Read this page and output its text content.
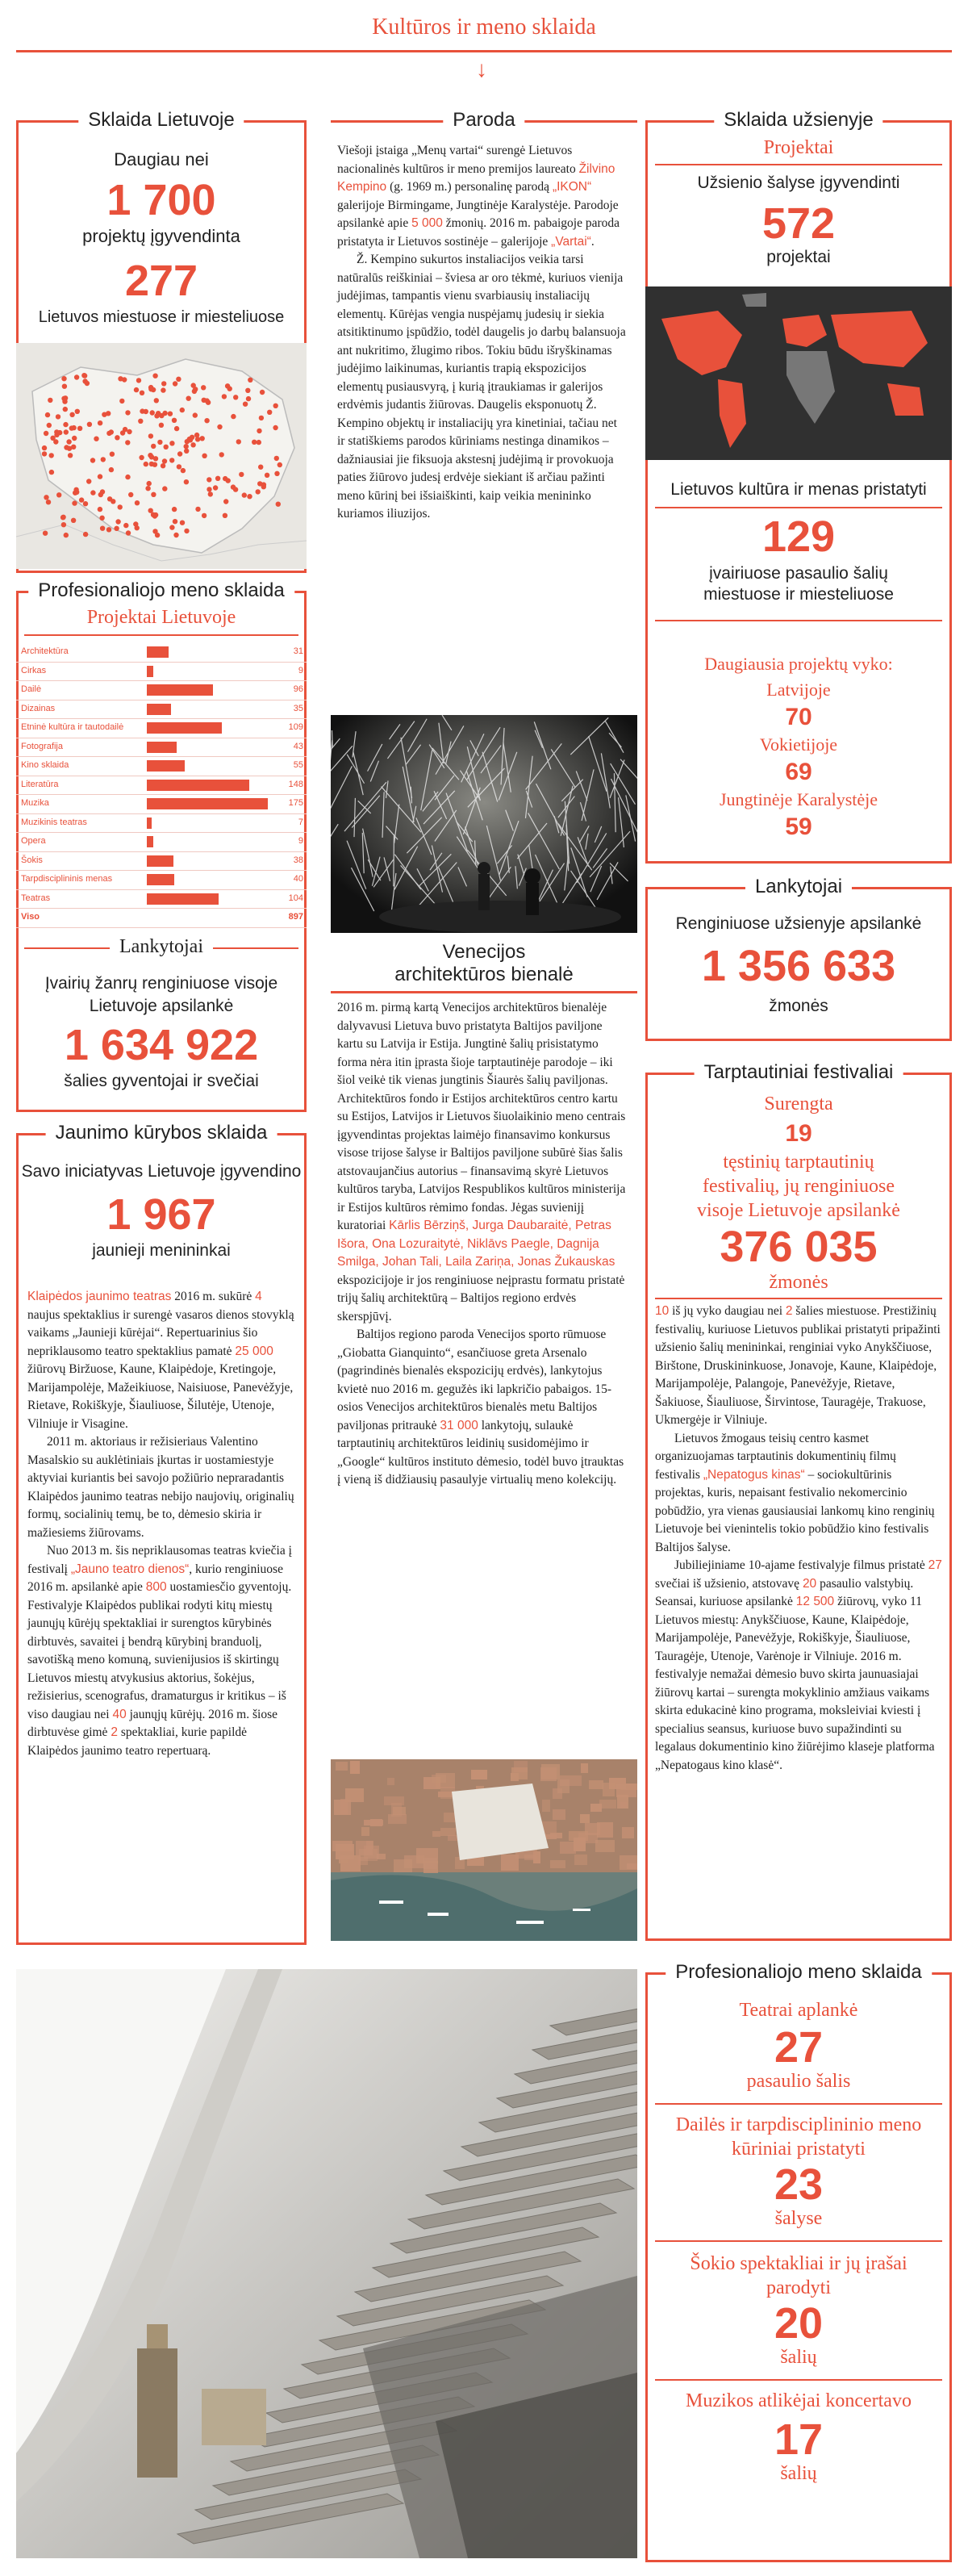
Kultūros ir meno sklaida
↓
Sklaida Lietuvoje
Daugiau nei
1 700
projektų įgyvendinta
277
Lietuvos miestuose ir miesteliuose
Profesionaliojo meno sklaida
Projektai Lietuvoje
Architektūra	31
Cirkas	9
Dailė	96
Dizainas	35
Etninė kultūra ir tautodailė	109
Fotografija	43
Kino sklaida	55
Literatūra	148
Muzika	175
Muzikinis teatras	7
Opera	9
Šokis	38
Tarpdisciplininis menas	40
Teatras	104
Viso	897
Lankytojai
Įvairių žanrų renginiuose visoje Lietuvoje apsilankė
1 634 922
šalies gyventojai ir svečiai
Jaunimo kūrybos sklaida
Savo iniciatyvas Lietuvoje įgyvendino
1 967
jaunieji menininkai

Klaipėdos jaunimo teatras 2016 m. sukūrė 4 naujus spektaklius ir surengė vasaros dienos stovyklą vaikams „Jaunieji kūrėjai“. Repertuarinius šio nepriklausomo teatro spektaklius pamatė 25 000 žiūrovų Biržuose, Kaune, Klaipėdoje, Kretingoje, Marijampolėje, Mažeikiuose, Naisiuose, Panevėžyje, Rietave, Rokiškyje, Šiauliuose, Šilutėje, Utenoje, Vilniuje ir Visagine.

2011 m. aktoriaus ir režisieriaus Valentino Masalskio su auklėtiniais įkurtas ir uostamiestyje aktyviai kuriantis bei savojo požiūrio nepraradantis Klaipėdos jaunimo teatras nebijo naujovių, originalių formų, socialinių temų, be to, dėmesio skiria ir mažiesiems žiūrovams.

Nuo 2013 m. šis nepriklausomas teatras kviečia į festivalį „Jauno teatro dienos“, kurio renginiuose 2016 m. apsilankė apie 800 uostamiesčio gyventojų. Festivalyje Klaipėdos publikai rodyti kitų miestų jaunųjų kūrėjų spektakliai ir surengtos kūrybinės dirbtuvės, savaitei į bendrą kūrybinį branduolį, savotišką meno komuną, suvienijusios iš skirtingų Lietuvos miestų atvykusius aktorius, šokėjus, režisierius, scenografus, dramaturgus ir kritikus – iš viso daugiau nei 40 jaunųjų kūrėjų. 2016 m. šiose dirbtuvėse gimė 2 spektakliai, kurie papildė Klaipėdos jaunimo teatro repertuarą.

Paroda

Viešoji įstaiga „Menų vartai“ surengė Lietuvos nacionalinės kultūros ir meno premijos laureato Žilvino Kempino (g. 1969 m.) personalinę parodą „IKON“ galerijoje Birmingame, Jungtinėje Karalystėje. Parodoje apsilankė apie 5 000 žmonių. 2016 m. pabaigoje paroda pristatyta ir Lietuvos sostinėje – galerijoje „Vartai“.

Ž. Kempino sukurtos instaliacijos veikia tarsi natūralūs reiškiniai – šviesa ar oro tėkmė, kuriuos vienija judėjimas, tampantis vienu svarbiausių instaliacijų elementų. Kūrėjas vengia nuspėjamų judesių ir siekia atsitiktinumo įspūdžio, todėl daugelis jo darbų balansuoja ant nukritimo, žlugimo ribos. Tokiu būdu išryškinamas judėjimo laikinumas, kuriantis trapią ekspozicijos elementų pusiausvyrą, į kurią įtraukiamas ir galerijos erdvėmis judantis žiūrovas. Daugelis eksponuotų Ž. Kempino objektų ir instaliacijų yra kinetiniai, tačiau net ir statiškiems parodos kūriniams nestinga dinamikos – dažniausiai jie fiksuoja akstesnį judėjimą ir provokuoja paties žiūrovo judesį erdvėje siekiant iš arčiau pažinti meno kūrinį bei išsiaiškinti, kaip veikia menininko kuriamos iliuzijos.

Venecijos
architektūros bienalė

2016 m. pirmą kartą Venecijos architektūros bienalėje dalyvavusi Lietuva buvo pristatyta Baltijos paviljone kartu su Latvija ir Estija. Jungtinė šalių prisistatymo forma nėra itin įprasta šioje tarptautinėje parodoje – iki šiol veikė tik vienas jungtinis Šiaurės šalių paviljonas. Architektūros fondo ir Estijos architektūros centro kartu su Estijos, Latvijos ir Lietuvos šiuolaikinio meno centrais įgyvendintas projektas laimėjo finansavimo konkursus visose trijose šalyse ir Baltijos paviljone subūrė šias šalis atstovaujančius autorius – finansavimą skyrė Lietuvos kultūros taryba, Latvijos Respublikos kultūros ministerija ir Estijos kultūros rėmimo fondas. Jėgas suvienijį kuratoriai Kārlis Bērziņš, Jurga Daubaraitė, Petras Išora, Ona Lozuraitytė, Niklāvs Paegle, Dagnija Smilga, Johan Tali, Laila Zariņa, Jonas Žukauskas ekspozicijoje ir jos renginiuose neįprastu formatu pristatė trijų šalių architektūrą – Baltijos regiono erdvės skerspjūvį.

Baltijos regiono paroda Venecijos sporto rūmuose „Giobatta Gianquinto“, esančiuose greta Arsenalo (pagrindinės bienalės ekspozicijų erdvės), lankytojus kvietė nuo 2016 m. gegužės iki lapkričio pabaigos. 15-osios Venecijos architektūros bienalės metu Baltijos paviljonas pritraukė 31 000 lankytojų, sulaukė tarptautinių architektūros leidinių susidomėjimo ir „Google“ kultūros instituto dėmesio, todėl buvo įtrauktas į vieną iš didžiausių pasaulyje virtualių meno kolekcijų.

Sklaida užsienyje
Projektai
Užsienio šalyse įgyvendinti
572
projektai
Lietuvos kultūra ir menas pristatyti
129
įvairiuose pasaulio šalių
miestuose ir miesteliuose
Daugiausia projektų vyko:
Latvijoje
70
Vokietijoje
69
Jungtinėje Karalystėje
59
Lankytojai
Renginiuose užsienyje apsilankė
1 356 633
žmonės
Tarptautiniai festivaliai
Surengta
19
tęstinių tarptautinių
festivalių, jų renginiuose
visoje Lietuvoje apsilankė
376 035
žmonės

10 iš jų vyko daugiau nei 2 šalies miestuose. Prestižinių festivalių, kuriuose Lietuvos publikai pristatyti pripažinti užsienio šalių menininkai, renginiai vyko Anykščiuose, Birštone, Druskininkuose, Jonavoje, Kaune, Klaipėdoje, Marijampolėje, Palangoje, Panevėžyje, Rietave, Šakiuose, Šiauliuose, Širvintose, Tauragėje, Trakuose, Ukmergėje ir Vilniuje.

Lietuvos žmogaus teisių centro kasmet organizuojamas tarptautinis dokumentinių filmų festivalis „Nepatogus kinas“ – sociokultūrinis projektas, kuris, nepaisant festivalio nekomercinio pobūdžio, yra vienas gausiausiai lankomų kino renginių Lietuvoje bei vienintelis tokio pobūdžio kino festivalis Baltijos šalyse.

Jubiliejiniame 10-ajame festivalyje filmus pristatė 27 svečiai iš užsienio, atstovavę 20 pasaulio valstybių. Seansai, kuriuose apsilankė 12 500 žiūrovų, vyko 11 Lietuvos miestų: Anykščiuose, Kaune, Klaipėdoje, Marijampolėje, Panevėžyje, Rokiškyje, Šiauliuose, Tauragėje, Utenoje, Varėnoje ir Vilniuje. 2016 m. festivalyje nemažai dėmesio buvo skirta jaunuasiajai žiūrovų kartai – surengta mokyklinio amžiaus vaikams skirta edukacinė kino programa, moksleiviai kviesti į specialius seansus, kuriuose buvo supažindinti su legalaus dokumentinio kino žiūrėjimo klaseje platforma „Nepatogaus kino klasė“.

Profesionaliojo meno sklaida
Teatrai aplankė
27
pasaulio šalis
Dailės ir tarpdisciplininio meno
kūriniai pristatyti
23
šalyse
Šokio spektakliai ir jų įrašai
parodyti
20
šalių
Muzikos atlikėjai koncertavo
17
šalių
